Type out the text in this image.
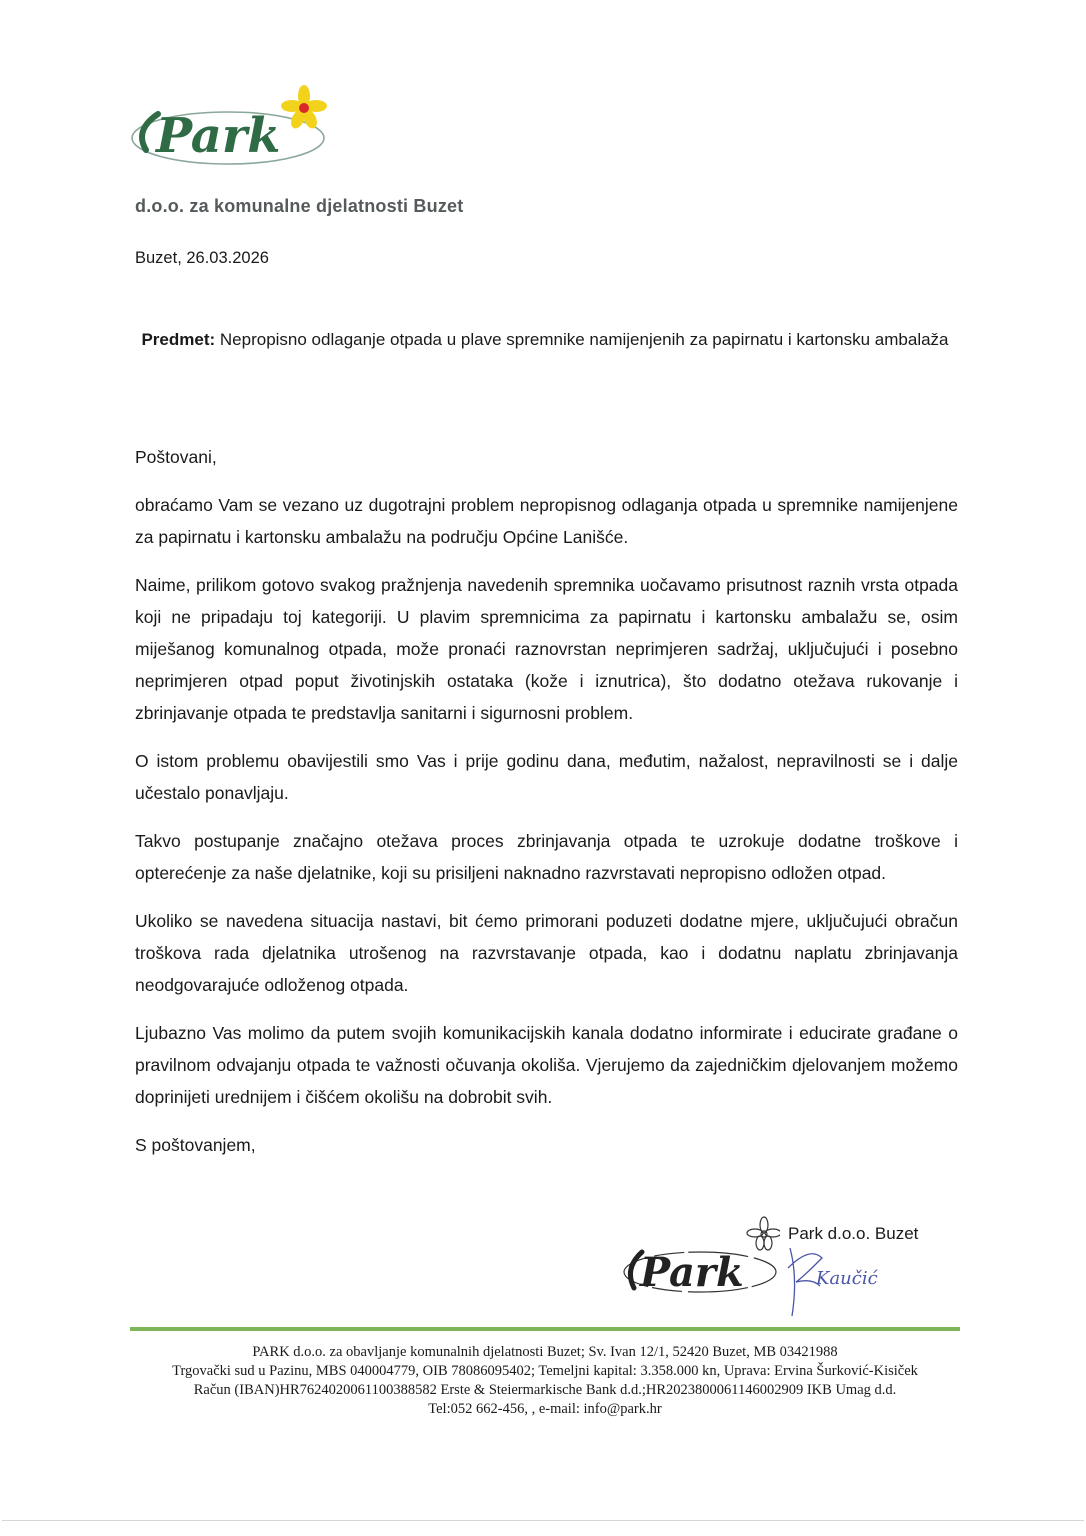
Park
d.o.o. za komunalne djelatnosti Buzet
Buzet, 26.03.2026
Predmet: Nepropisno odlaganje otpada u plave spremnike namijenjenih za papirnatu i kartonsku ambalaža

Poštovani,

obraćamo Vam se vezano uz dugotrajni problem nepropisnog odlaganja otpada u spremnike namijenjene za papirnatu i kartonsku ambalažu na području Općine Lanišće.

Naime, prilikom gotovo svakog pražnjenja navedenih spremnika uočavamo prisutnost raznih vrsta otpada koji ne pripadaju toj kategoriji. U plavim spremnicima za papirnatu i kartonsku ambalažu se, osim miješanog komunalnog otpada, može pronaći raznovrstan neprimjeren sadržaj, uključujući i posebno neprimjeren otpad poput životinjskih ostataka (kože i iznutrica), što dodatno otežava rukovanje i zbrinjavanje otpada te predstavlja sanitarni i sigurnosni problem.

O istom problemu obavijestili smo Vas i prije godinu dana, međutim, nažalost, nepravilnosti se i dalje učestalo ponavljaju.

Takvo postupanje značajno otežava proces zbrinjavanja otpada te uzrokuje dodatne troškove i opterećenje za naše djelatnike, koji su prisiljeni naknadno razvrstavati nepropisno odložen otpad.

Ukoliko se navedena situacija nastavi, bit ćemo primorani poduzeti dodatne mjere, uključujući obračun troškova rada djelatnika utrošenog na razvrstavanje otpada, kao i dodatnu naplatu zbrinjavanja neodgovarajuće odloženog otpada.

Ljubazno Vas molimo da putem svojih komunikacijskih kanala dodatno informirate i educirate građane o pravilnom odvajanju otpada te važnosti očuvanja okoliša. Vjerujemo da zajedničkim djelovanjem možemo doprinijeti urednijem i čišćem okolišu na dobrobit svih.

S poštovanjem,

Park
Park d.o.o. Buzet
Kaučić
PARK d.o.o. za obavljanje komunalnih djelatnosti Buzet; Sv. Ivan 12/1, 52420 Buzet, MB 03421988
Trgovački sud u Pazinu, MBS 040004779, OIB 78086095402; Temeljni kapital: 3.358.000 kn, Uprava: Ervina Šurković-Kisiček
Račun (IBAN)HR7624020061100388582 Erste & Steiermarkische Bank d.d.;HR2023800061146002909 IKB Umag d.d.
Tel:052 662-456, , e-mail: info@park.hr
